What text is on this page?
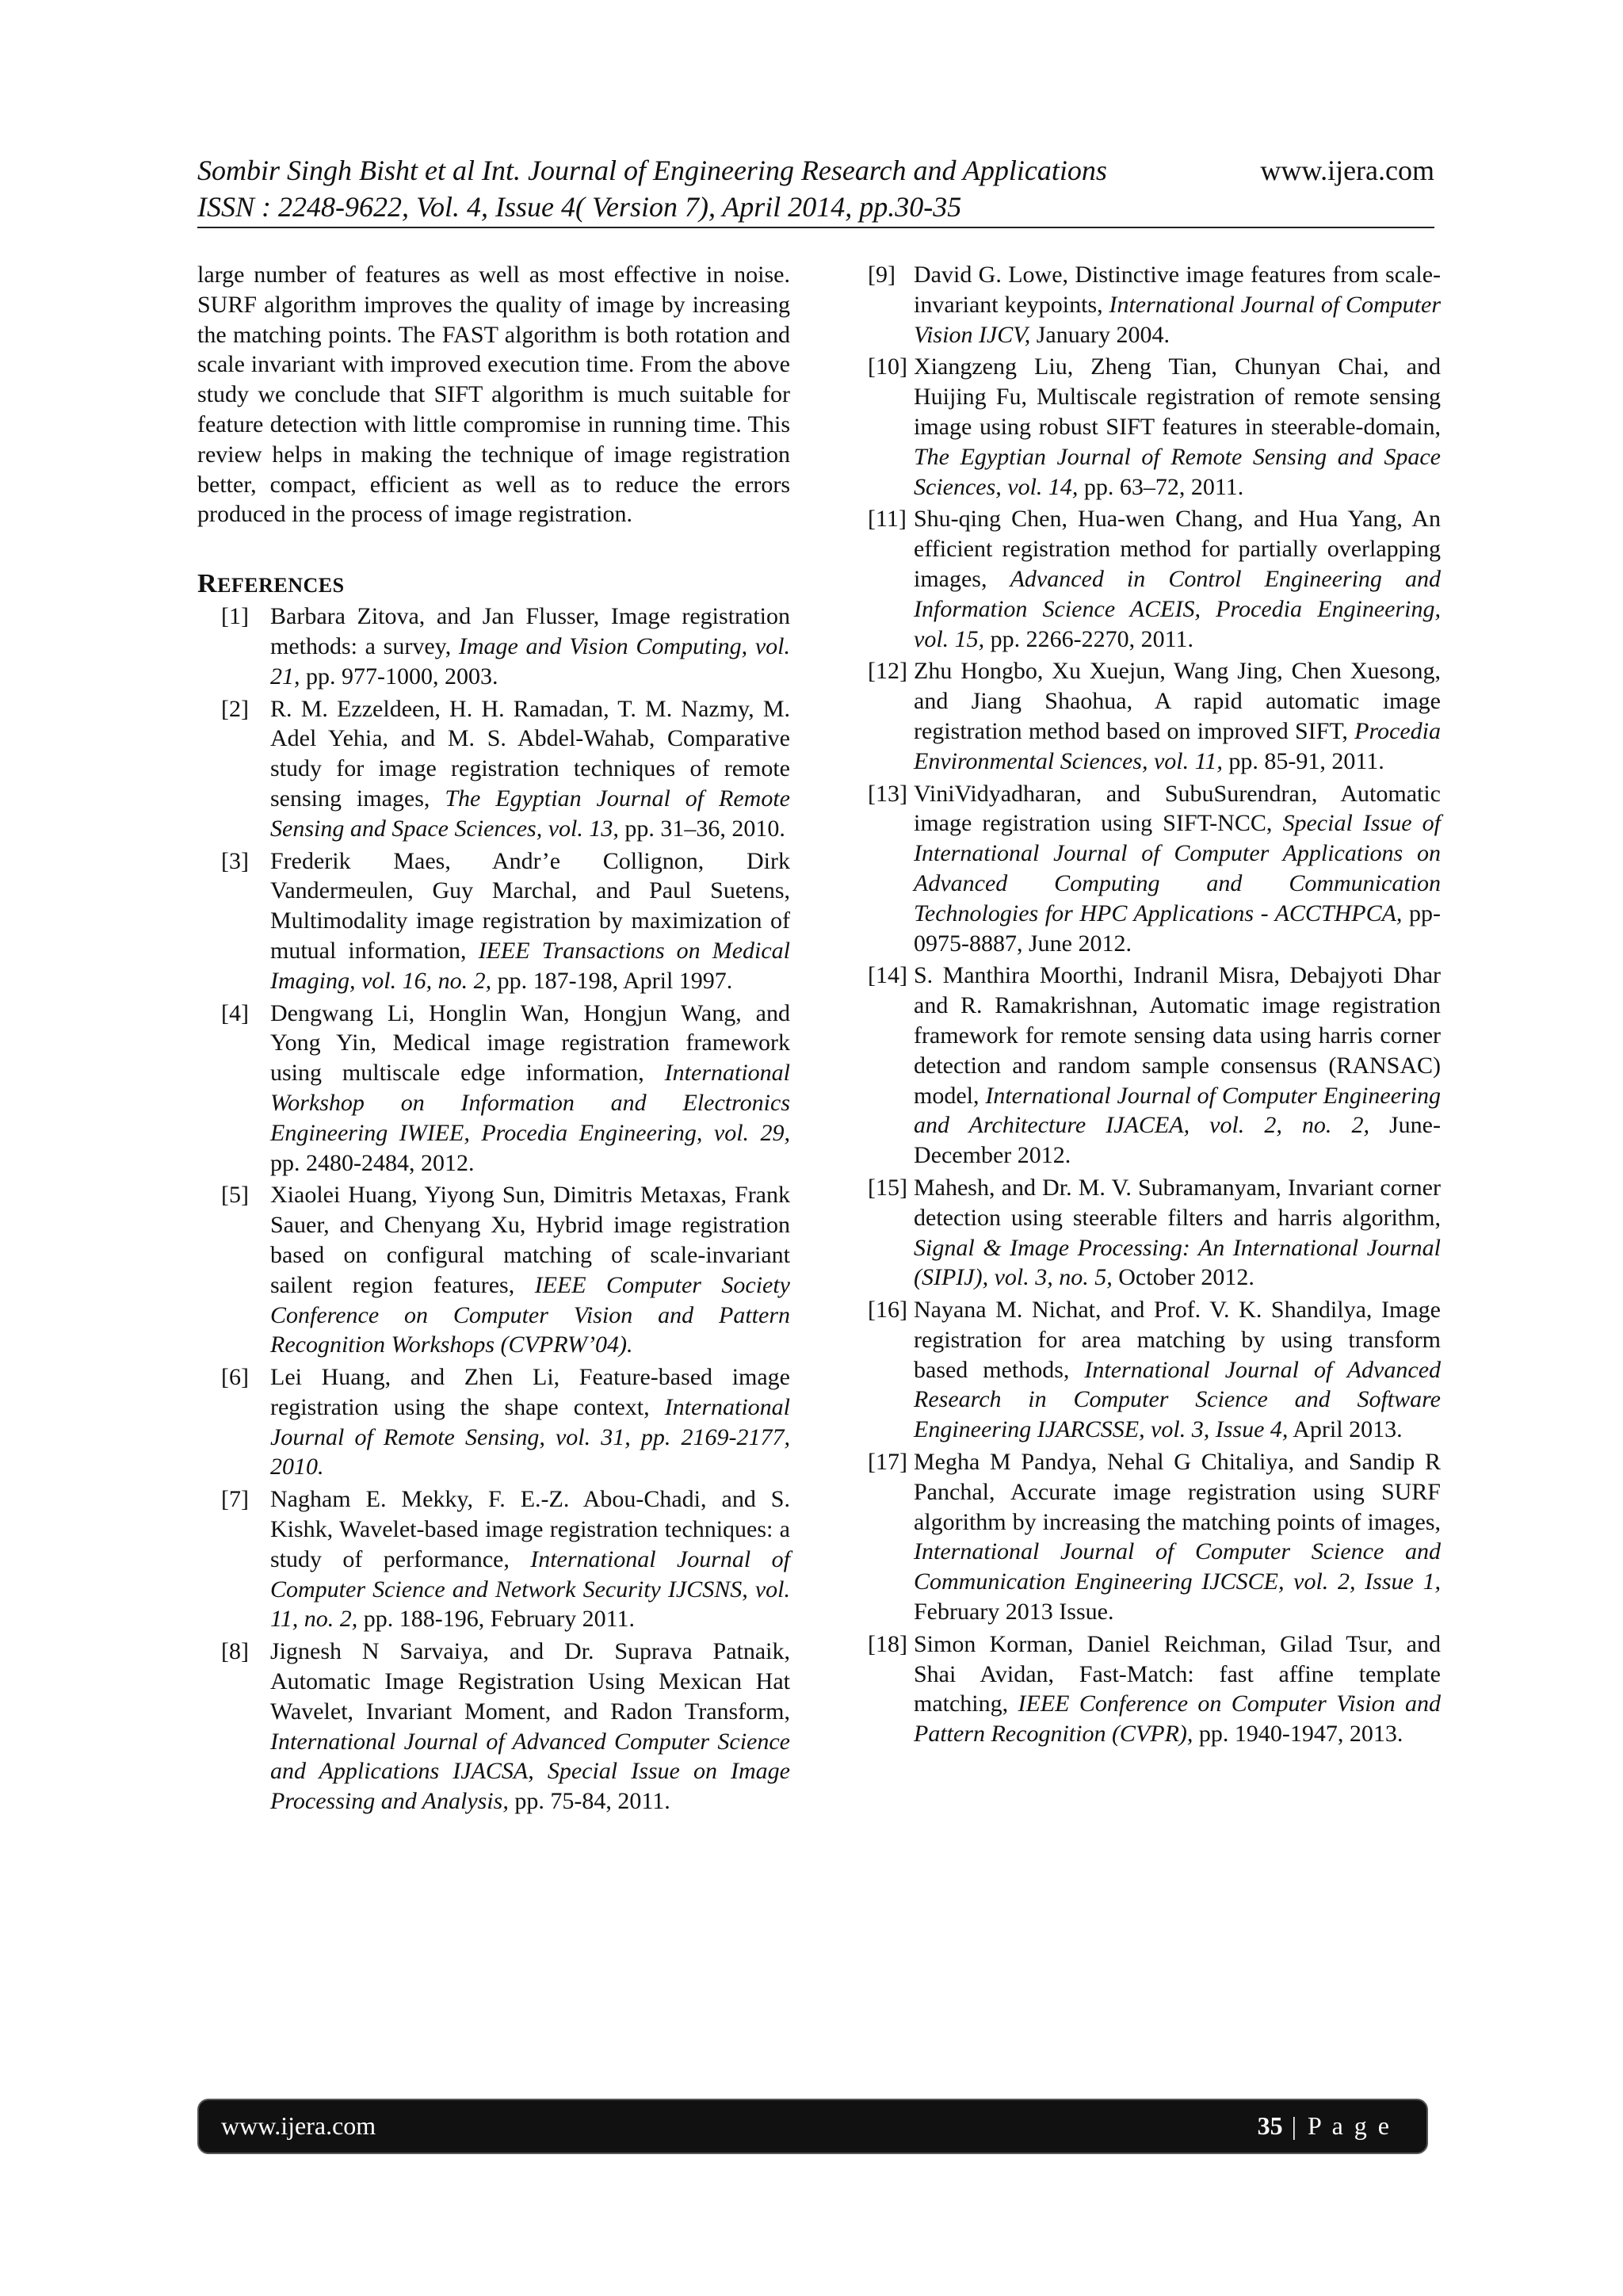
Sombir Singh Bisht et al Int. Journal of Engineering Research and Applications
ISSN : 2248-9622, Vol. 4, Issue 4( Version 7), April 2014, pp.30-35
www.ijera.com

large number of features as well as most effective in noise. SURF algorithm improves the quality of image by increasing the matching points. The FAST algorithm is both rotation and scale invariant with improved execution time. From the above study we conclude that SIFT algorithm is much suitable for feature detection with little compromise in running time. This review helps in making the technique of image registration better, compact, efficient as well as to reduce the errors produced in the process of image registration.

REFERENCES
[1] Barbara Zitova, and Jan Flusser, Image registration methods: a survey, Image and Vision Computing, vol. 21, pp. 977-1000, 2003.
[2] R. M. Ezzeldeen, H. H. Ramadan, T. M. Nazmy, M. Adel Yehia, and M. S. Abdel-Wahab, Comparative study for image registration techniques of remote sensing images, The Egyptian Journal of Remote Sensing and Space Sciences, vol. 13, pp. 31–36, 2010.
[3] Frederik Maes, Andr’e Collignon, Dirk Vandermeulen, Guy Marchal, and Paul Suetens, Multimodality image registration by maximization of mutual information, IEEE Transactions on Medical Imaging, vol. 16, no. 2, pp. 187-198, April 1997.
[4] Dengwang Li, Honglin Wan, Hongjun Wang, and Yong Yin, Medical image registration framework using multiscale edge information, International Workshop on Information and Electronics Engineering IWIEE, Procedia Engineering, vol. 29, pp. 2480-2484, 2012.
[5] Xiaolei Huang, Yiyong Sun, Dimitris Metaxas, Frank Sauer, and Chenyang Xu, Hybrid image registration based on configural matching of scale-invariant sailent region features, IEEE Computer Society Conference on Computer Vision and Pattern Recognition Workshops (CVPRW’04).
[6] Lei Huang, and Zhen Li, Feature-based image registration using the shape context, International Journal of Remote Sensing, vol. 31, pp. 2169-2177, 2010.
[7] Nagham E. Mekky, F. E.-Z. Abou-Chadi, and S. Kishk, Wavelet-based image registration techniques: a study of performance, International Journal of Computer Science and Network Security IJCSNS, vol. 11, no. 2, pp. 188-196, February 2011.
[8] Jignesh N Sarvaiya, and Dr. Suprava Patnaik, Automatic Image Registration Using Mexican Hat Wavelet, Invariant Moment, and Radon Transform, International Journal of Advanced Computer Science and Applications IJACSA, Special Issue on Image Processing and Analysis, pp. 75-84, 2011.
[9] David G. Lowe, Distinctive image features from scale-invariant keypoints, International Journal of Computer Vision IJCV, January 2004.
[10] Xiangzeng Liu, Zheng Tian, Chunyan Chai, and Huijing Fu, Multiscale registration of remote sensing image using robust SIFT features in steerable-domain, The Egyptian Journal of Remote Sensing and Space Sciences, vol. 14, pp. 63–72, 2011.
[11] Shu-qing Chen, Hua-wen Chang, and Hua Yang, An efficient registration method for partially overlapping images, Advanced in Control Engineering and Information Science ACEIS, Procedia Engineering, vol. 15, pp. 2266-2270, 2011.
[12] Zhu Hongbo, Xu Xuejun, Wang Jing, Chen Xuesong, and Jiang Shaohua, A rapid automatic image registration method based on improved SIFT, Procedia Environmental Sciences, vol. 11, pp. 85-91, 2011.
[13] ViniVidyadharan, and SubuSurendran, Automatic image registration using SIFT-NCC, Special Issue of International Journal of Computer Applications on Advanced Computing and Communication Technologies for HPC Applications - ACCTHPCA, pp- 0975-8887, June 2012.
[14] S. Manthira Moorthi, Indranil Misra, Debajyoti Dhar and R. Ramakrishnan, Automatic image registration framework for remote sensing data using harris corner detection and random sample consensus (RANSAC) model, International Journal of Computer Engineering and Architecture IJACEA, vol. 2, no. 2, June-December 2012.
[15] Mahesh, and Dr. M. V. Subramanyam, Invariant corner detection using steerable filters and harris algorithm, Signal & Image Processing: An International Journal (SIPIJ), vol. 3, no. 5, October 2012.
[16] Nayana M. Nichat, and Prof. V. K. Shandilya, Image registration for area matching by using transform based methods, International Journal of Advanced Research in Computer Science and Software Engineering IJARCSSE, vol. 3, Issue 4, April 2013.
[17] Megha M Pandya, Nehal G Chitaliya, and Sandip R Panchal, Accurate image registration using SURF algorithm by increasing the matching points of images, International Journal of Computer Science and Communication Engineering IJCSCE, vol. 2, Issue 1, February 2013 Issue.
[18] Simon Korman, Daniel Reichman, Gilad Tsur, and Shai Avidan, Fast-Match: fast affine template matching, IEEE Conference on Computer Vision and Pattern Recognition (CVPR), pp. 1940-1947, 2013.
www.ijera.com	35 | P a g e
